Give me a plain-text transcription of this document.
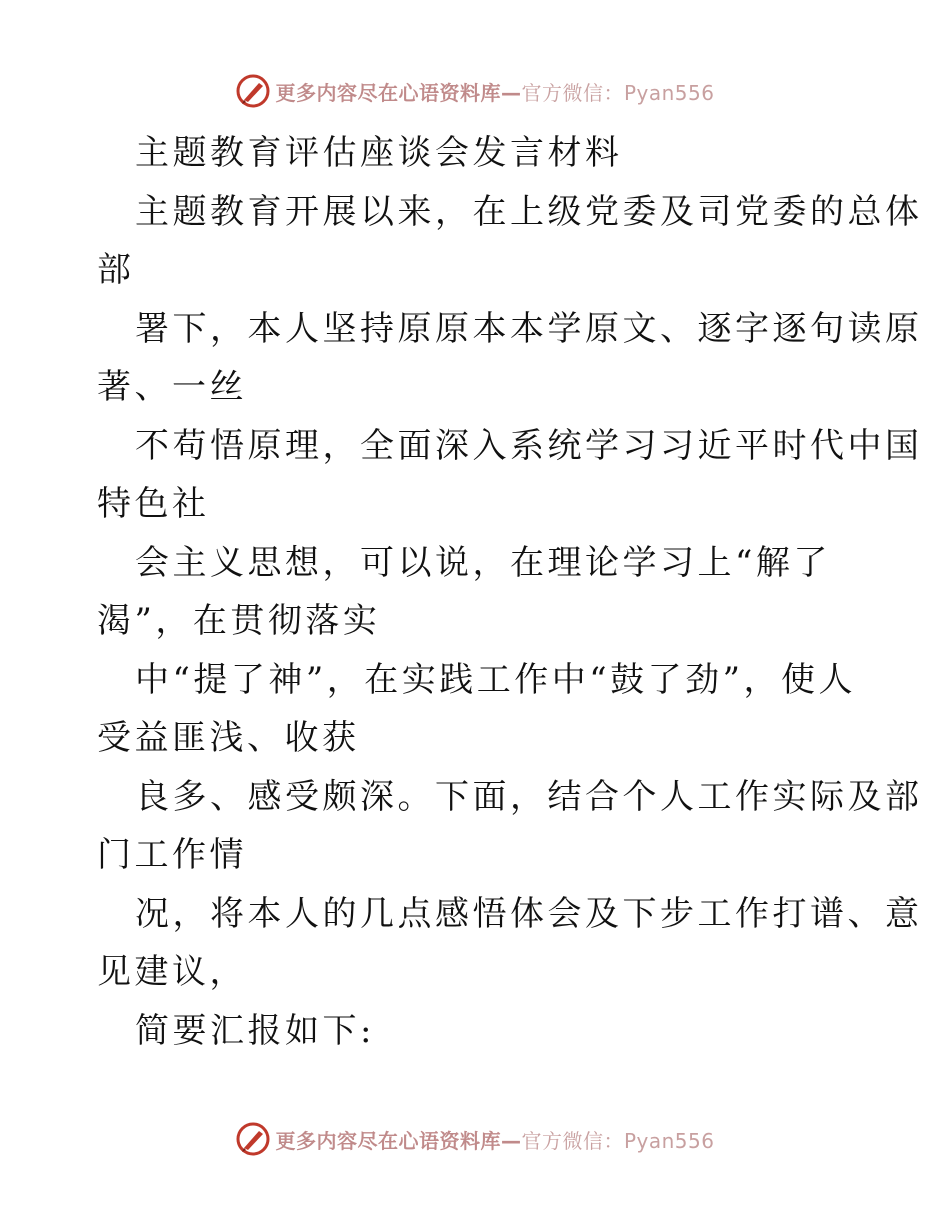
更多内容尽在心语资料库—官方微信：Pyan556
主题教育评估座谈会发言材料
主题教育开展以来，在上级党委及司党委的总体
部
署下，本人坚持原原本本学原文、逐字逐句读原
著、一丝
不苟悟原理，全面深入系统学习习近平时代中国
特色社
会主义思想，可以说，在理论学习上“解了
渴”，在贯彻落实
中“提了神”，在实践工作中“鼓了劲”，使人
受益匪浅、收获
良多、感受颇深。下面，结合个人工作实际及部
门工作情
况，将本人的几点感悟体会及下步工作打谱、意
见建议，
简要汇报如下:
更多内容尽在心语资料库—官方微信：Pyan556
